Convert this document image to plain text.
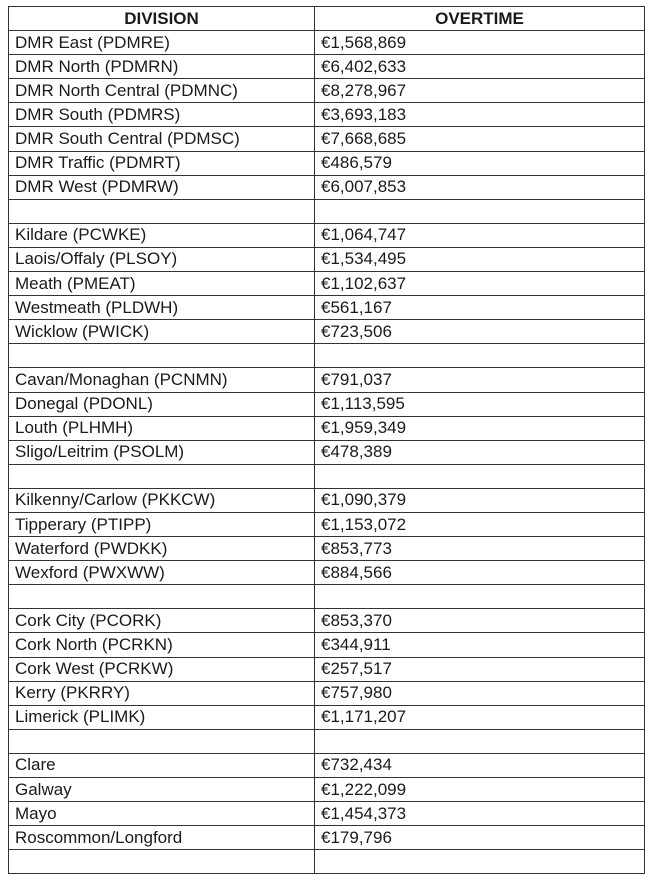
DIVISION	OVERTIME
DMR East (PDMRE)	€1,568,869
DMR North (PDMRN)	€6,402,633
DMR North Central (PDMNC)	€8,278,967
DMR South (PDMRS)	€3,693,183
DMR South Central (PDMSC)	€7,668,685
DMR Traffic (PDMRT)	€486,579
DMR West (PDMRW)	€6,007,853

Kildare (PCWKE)	€1,064,747
Laois/Offaly (PLSOY)	€1,534,495
Meath (PMEAT)	€1,102,637
Westmeath (PLDWH)	€561,167
Wicklow (PWICK)	€723,506

Cavan/Monaghan (PCNMN)	€791,037
Donegal (PDONL)	€1,113,595
Louth (PLHMH)	€1,959,349
Sligo/Leitrim (PSOLM)	€478,389

Kilkenny/Carlow (PKKCW)	€1,090,379
Tipperary (PTIPP)	€1,153,072
Waterford (PWDKK)	€853,773
Wexford (PWXWW)	€884,566

Cork City (PCORK)	€853,370
Cork North (PCRKN)	€344,911
Cork West (PCRKW)	€257,517
Kerry (PKRRY)	€757,980
Limerick (PLIMK)	€1,171,207

Clare	€732,434
Galway	€1,222,099
Mayo	€1,454,373
Roscommon/Longford	€179,796
